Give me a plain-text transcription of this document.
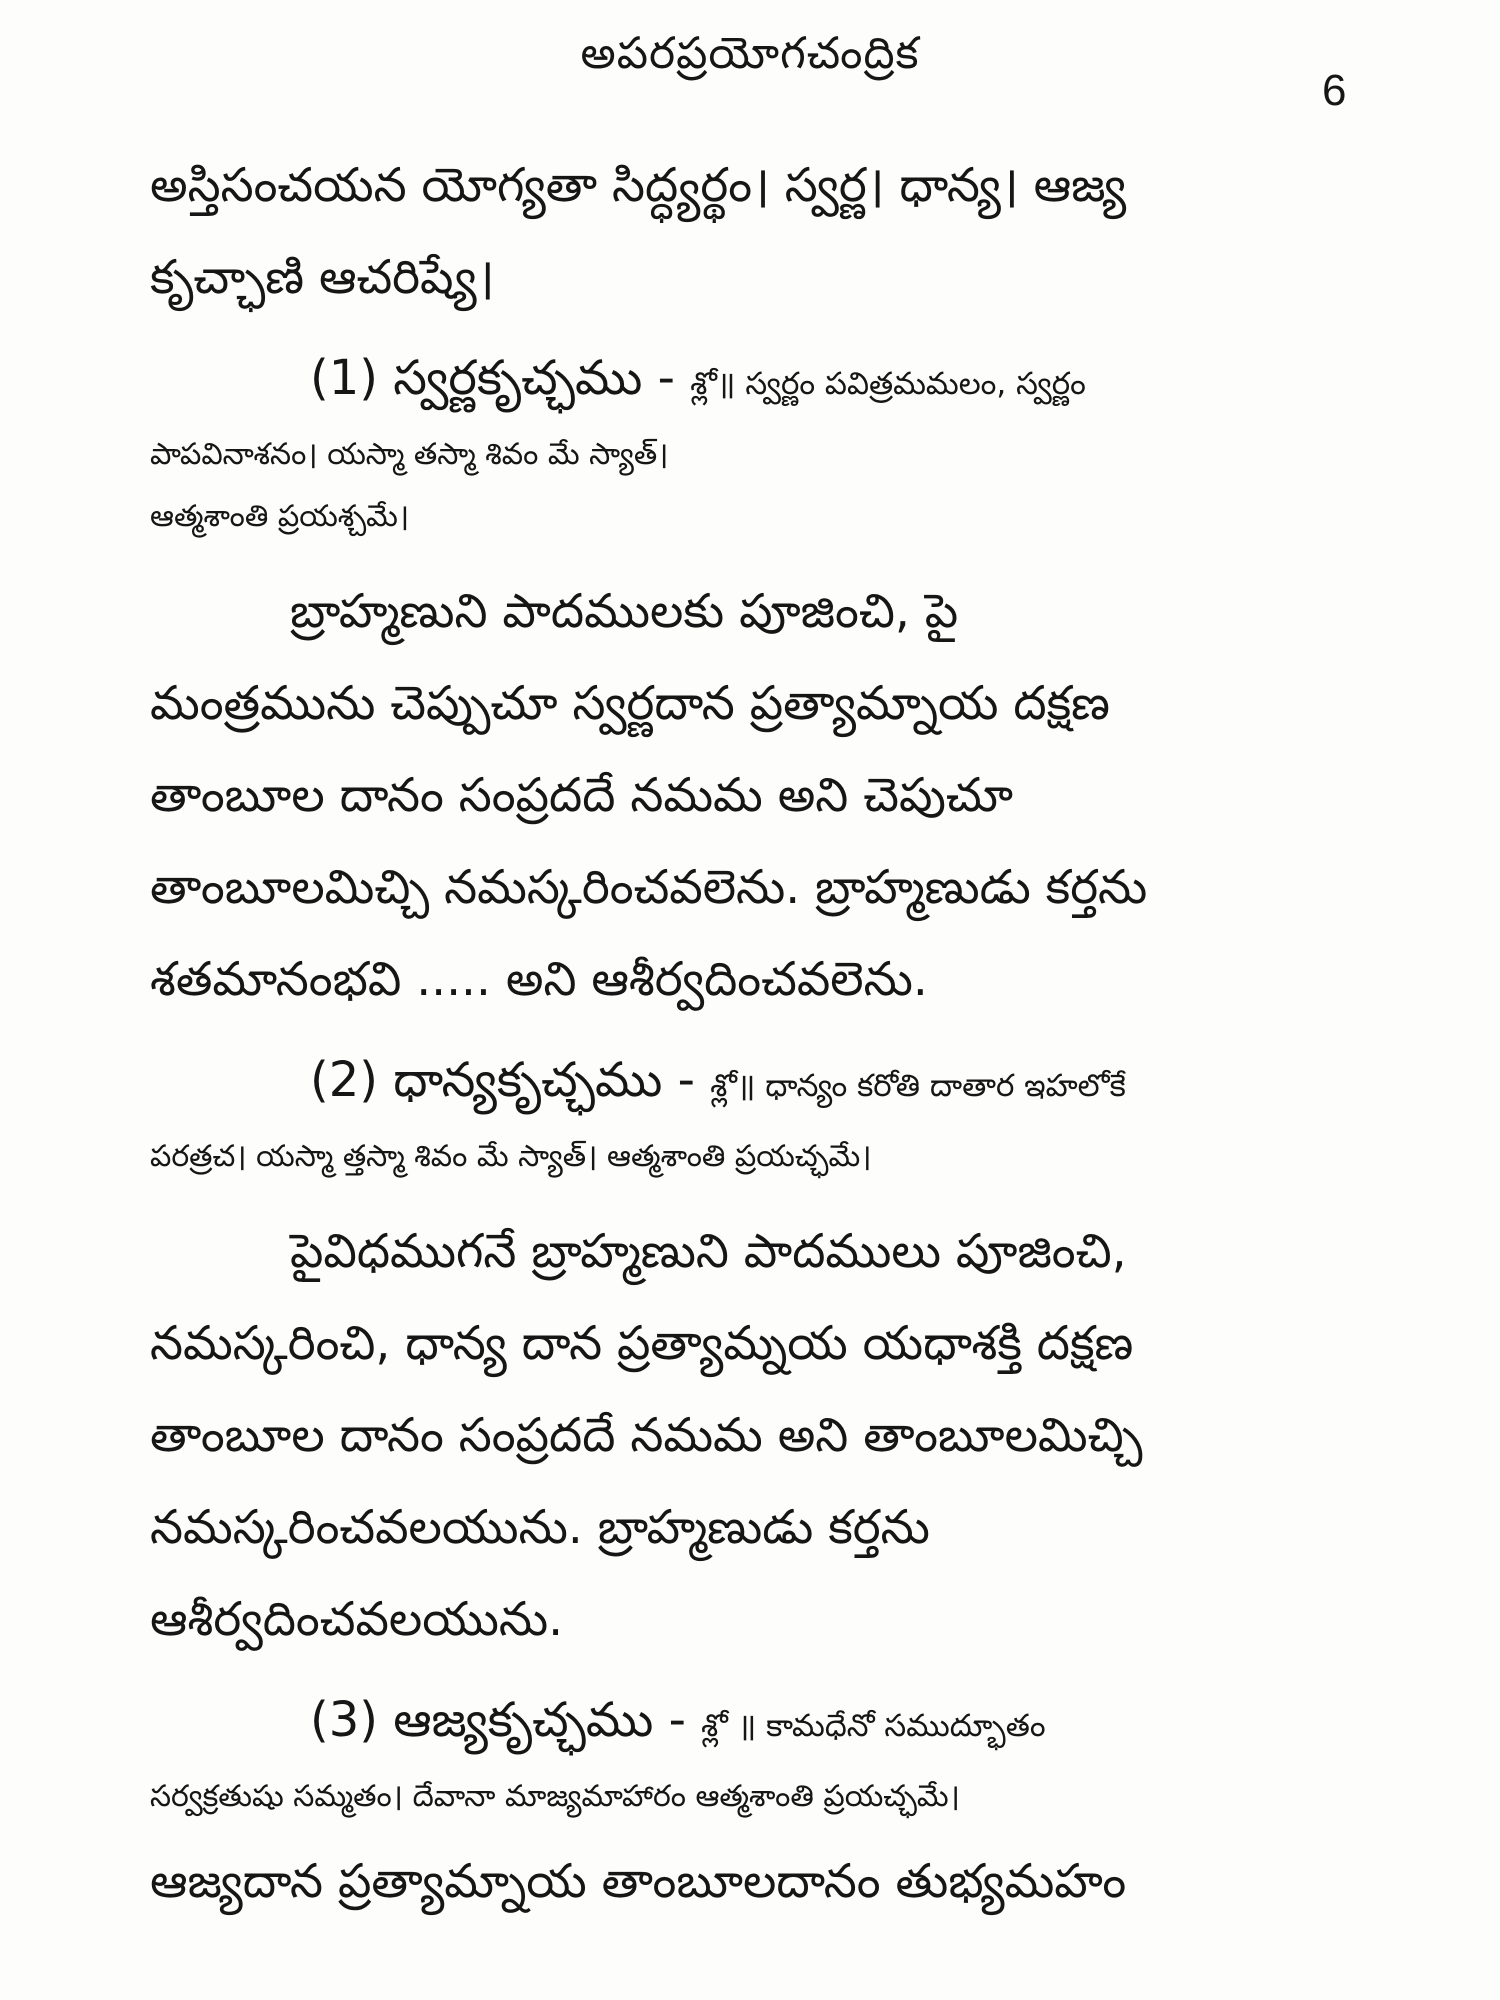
అపరప్రయోగచంద్రిక
6
అస్తిసంచయన యోగ్యతా సిద్ధ్యర్థం। స్వర్ణ। ధాన్య। ఆజ్య
కృచ్ఛాణి ఆచరిష్యే।
(1) స్వర్ణకృచ్ఛము - శ్లో॥ స్వర్ణం పవిత్రమమలం, స్వర్ణం
పాపవినాశనం। యస్మా తస్మా శివం మే స్యాత్।
ఆత్మశాంతి ప్రయశ్చమే।
బ్రాహ్మణుని పాదములకు పూజించి, పై
మంత్రమును చెప్పుచూ స్వర్ణదాన ప్రత్యామ్నాయ దక్షణ
తాంబూల దానం సంప్రదదే నమమ అని చెపుచూ
తాంబూలమిచ్చి నమస్కరించవలెను. బ్రాహ్మణుడు కర్తను
శతమానంభవి ..... అని ఆశీర్వదించవలెను.
(2) ధాన్యకృచ్ఛము - శ్లో॥ ధాన్యం కరోతి దాతార ఇహలోకే
పరత్రచ। యస్మా త్తస్మా శివం మే స్యాత్। ఆత్మశాంతి ప్రయచ్ఛమే।
పైవిధముగనే బ్రాహ్మణుని పాదములు పూజించి,
నమస్కరించి, ధాన్య దాన ప్రత్యామ్నయ యధాశక్తి దక్షణ
తాంబూల దానం సంప్రదదే నమమ అని తాంబూలమిచ్చి
నమస్కరించవలయును. బ్రాహ్మణుడు కర్తను
ఆశీర్వదించవలయును.
(3) ఆజ్యకృచ్ఛము - శ్లో ॥ కామధేనో సముద్భూతం
సర్వక్రతుషు సమ్మతం। దేవానా మాజ్యమాహారం ఆత్మశాంతి ప్రయచ్ఛమే।
ఆజ్యదాన ప్రత్యామ్నాయ తాంబూలదానం తుభ్యమహం
